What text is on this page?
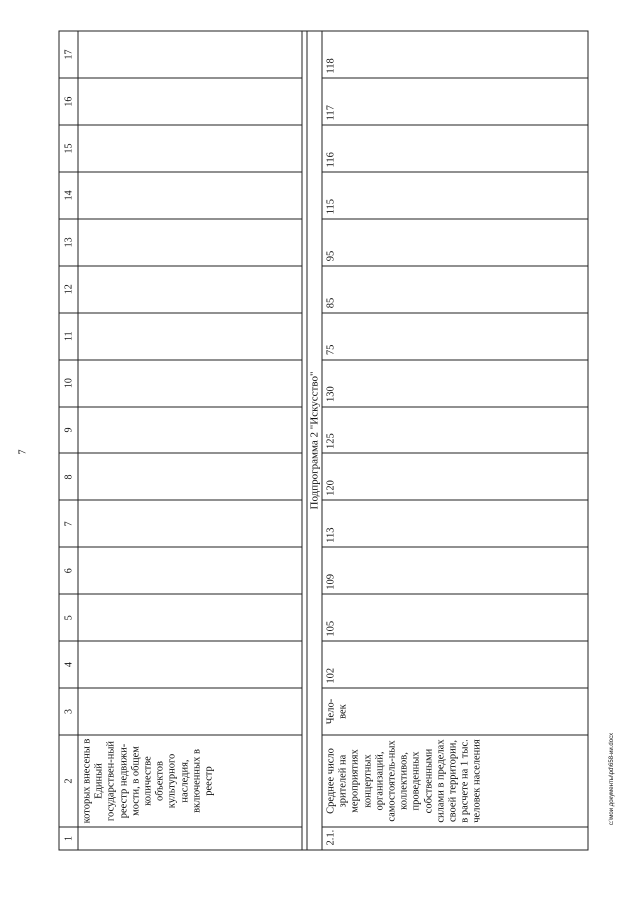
7
1	2	3	4	5	6	7	8	9	10	11	12	13	14	15	16	17
	которых внесены в Единый государствен-ный реестр недвижи-мости, в общем количестве объектов культурного наследия, включенных в реестр															

Подпрограмма 2 "Искусство"																
2.1.	Среднее число зрителей на мероприятиях концертных организаций, самостоятель-ных коллективов, проведенных собственными силами в пределах своей территории, в расчете на 1 тыс. человек населения	Чело-век	102	105	109	113	120	125	130	75	85	95	115	116	117	118
c:\мои документы\pd\658-ии.docx
